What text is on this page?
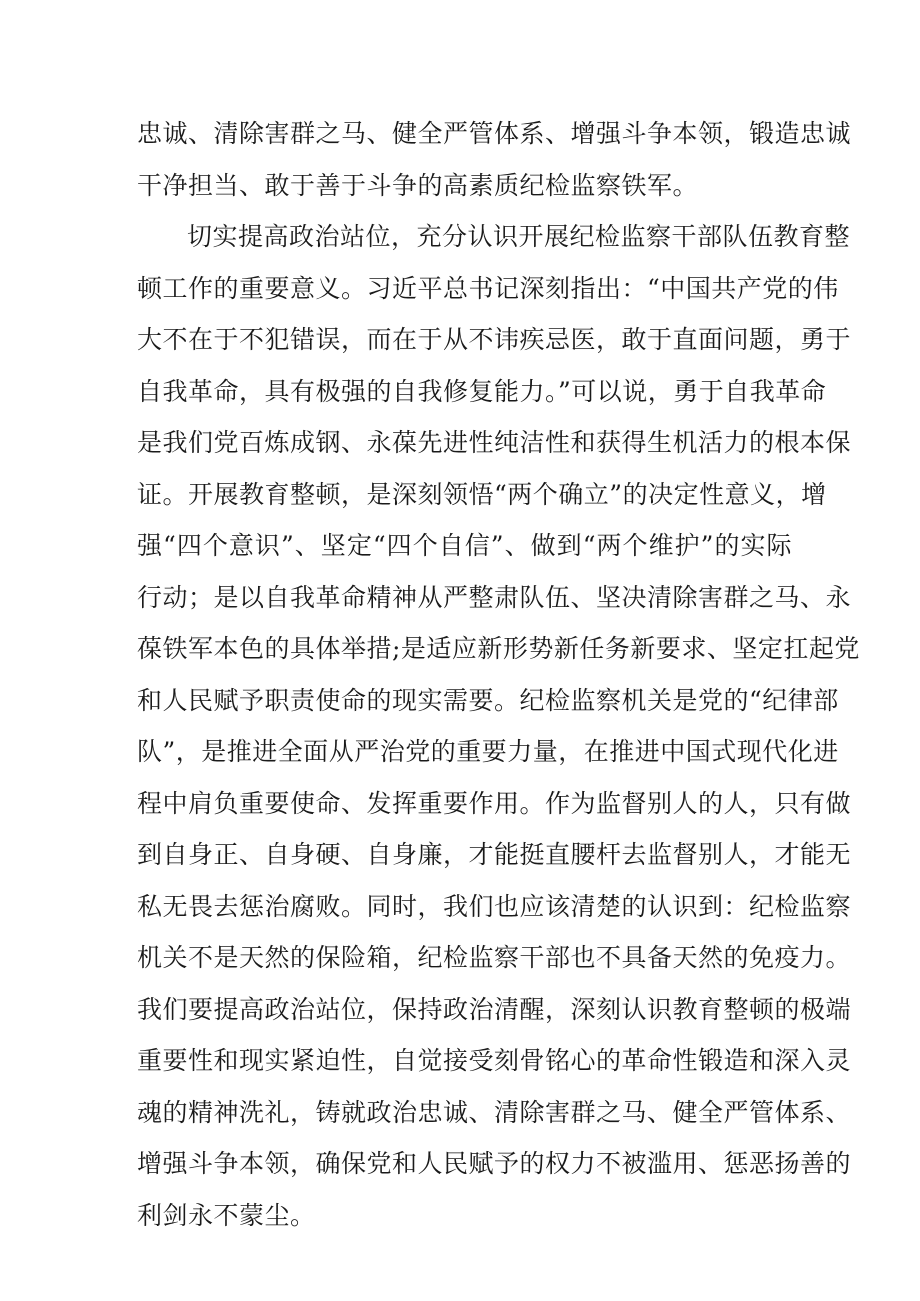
忠诚、清除害群之马、健全严管体系、增强斗争本领，锻造忠诚
干净担当、敢于善于斗争的高素质纪检监察铁军。
切实提高政治站位，充分认识开展纪检监察干部队伍教育整
顿工作的重要意义。习近平总书记深刻指出：“中国共产党的伟
大不在于不犯错误，而在于从不讳疾忌医，敢于直面问题，勇于
自我革命，具有极强的自我修复能力。”可以说，勇于自我革命
是我们党百炼成钢、永葆先进性纯洁性和获得生机活力的根本保
证。开展教育整顿，是深刻领悟“两个确立”的决定性意义，增
强“四个意识”、坚定“四个自信”、做到“两个维护”的实际
行动；是以自我革命精神从严整肃队伍、坚决清除害群之马、永
葆铁军本色的具体举措;是适应新形势新任务新要求、坚定扛起党
和人民赋予职责使命的现实需要。纪检监察机关是党的“纪律部
队”，是推进全面从严治党的重要力量，在推进中国式现代化进
程中肩负重要使命、发挥重要作用。作为监督别人的人，只有做
到自身正、自身硬、自身廉，才能挺直腰杆去监督别人，才能无
私无畏去惩治腐败。同时，我们也应该清楚的认识到：纪检监察
机关不是天然的保险箱，纪检监察干部也不具备天然的免疫力。
我们要提高政治站位，保持政治清醒，深刻认识教育整顿的极端
重要性和现实紧迫性，自觉接受刻骨铭心的革命性锻造和深入灵
魂的精神洗礼，铸就政治忠诚、清除害群之马、健全严管体系、
增强斗争本领，确保党和人民赋予的权力不被滥用、惩恶扬善的
利剑永不蒙尘。
